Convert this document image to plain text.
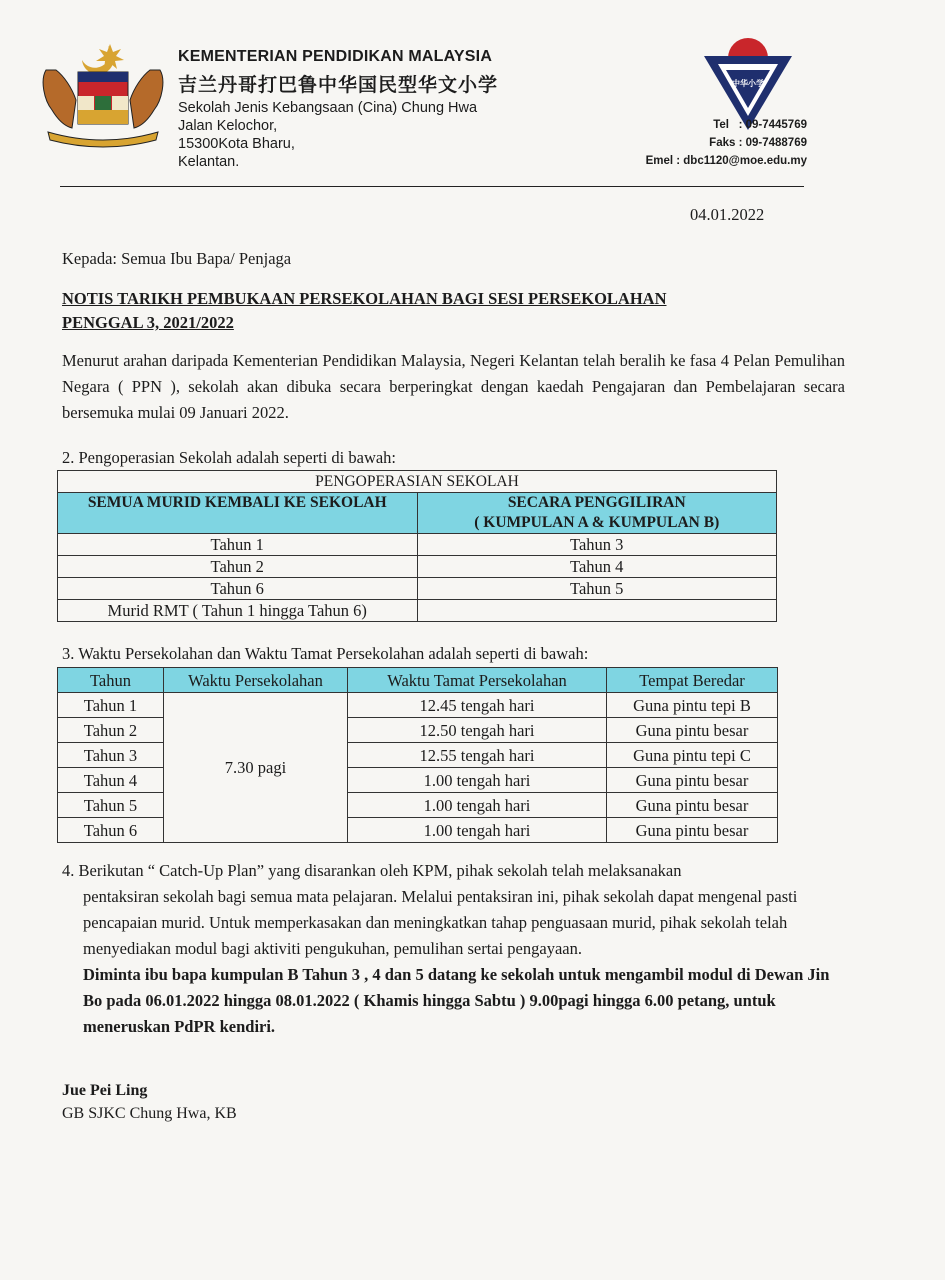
中华小学
KEMENTERIAN PENDIDIKAN MALAYSIA
吉兰丹哥打巴鲁中华国民型华文小学
Sekolah Jenis Kebangsaan (Cina) Chung Hwa
Jalan Kelochor,
15300Kota Bharu,
Kelantan.
Tel   : 09-7445769
Faks : 09-7488769
Emel : dbc1120@moe.edu.my
04.01.2022
Kepada: Semua Ibu Bapa/ Penjaga
NOTIS TARIKH PEMBUKAAN PERSEKOLAHAN BAGI SESI PERSEKOLAHAN
PENGGAL 3, 2021/2022
Menurut arahan daripada Kementerian Pendidikan Malaysia, Negeri Kelantan telah beralih ke fasa 4 Pelan Pemulihan Negara ( PPN ), sekolah akan dibuka secara berperingkat dengan kaedah Pengajaran dan Pembelajaran secara bersemuka mulai 09 Januari 2022.
2. Pengoperasian Sekolah adalah seperti di bawah:
PENGOPERASIAN SEKOLAH	
SEMUA MURID KEMBALI KE SEKOLAH	SECARA PENGGILIRAN
( KUMPULAN A & KUMPULAN B)

Tahun 1	Tahun 3
Tahun 2	Tahun 4
Tahun 6	Tahun 5
Murid RMT ( Tahun 1 hingga Tahun 6)	
3. Waktu Persekolahan dan Waktu Tamat Persekolahan adalah seperti di bawah:
Tahun	Waktu Persekolahan	Waktu Tamat Persekolahan	Tempat Beredar
Tahun 1	7.30 pagi	12.45 tengah hari	Guna pintu tepi B
Tahun 2		12.50 tengah hari	Guna pintu besar
Tahun 3		12.55 tengah hari	Guna pintu tepi C
Tahun 4		1.00 tengah hari	Guna pintu besar
Tahun 5		1.00 tengah hari	Guna pintu besar
Tahun 6		1.00 tengah hari	Guna pintu besar
4. Berikutan “ Catch-Up Plan” yang disarankan oleh KPM, pihak sekolah telah melaksanakan
pentaksiran sekolah bagi semua mata pelajaran. Melalui pentaksiran ini, pihak sekolah dapat mengenal pasti pencapaian murid. Untuk memperkasakan dan meningkatkan tahap penguasaan murid, pihak sekolah telah menyediakan modul bagi aktiviti pengukuhan, pemulihan sertai pengayaan.
Diminta ibu bapa kumpulan B Tahun 3 , 4 dan 5 datang ke sekolah untuk mengambil modul di Dewan Jin Bo pada 06.01.2022 hingga 08.01.2022 ( Khamis hingga Sabtu ) 9.00pagi hingga 6.00 petang, untuk meneruskan PdPR kendiri.
Jue Pei Ling
GB SJKC Chung Hwa, KB
